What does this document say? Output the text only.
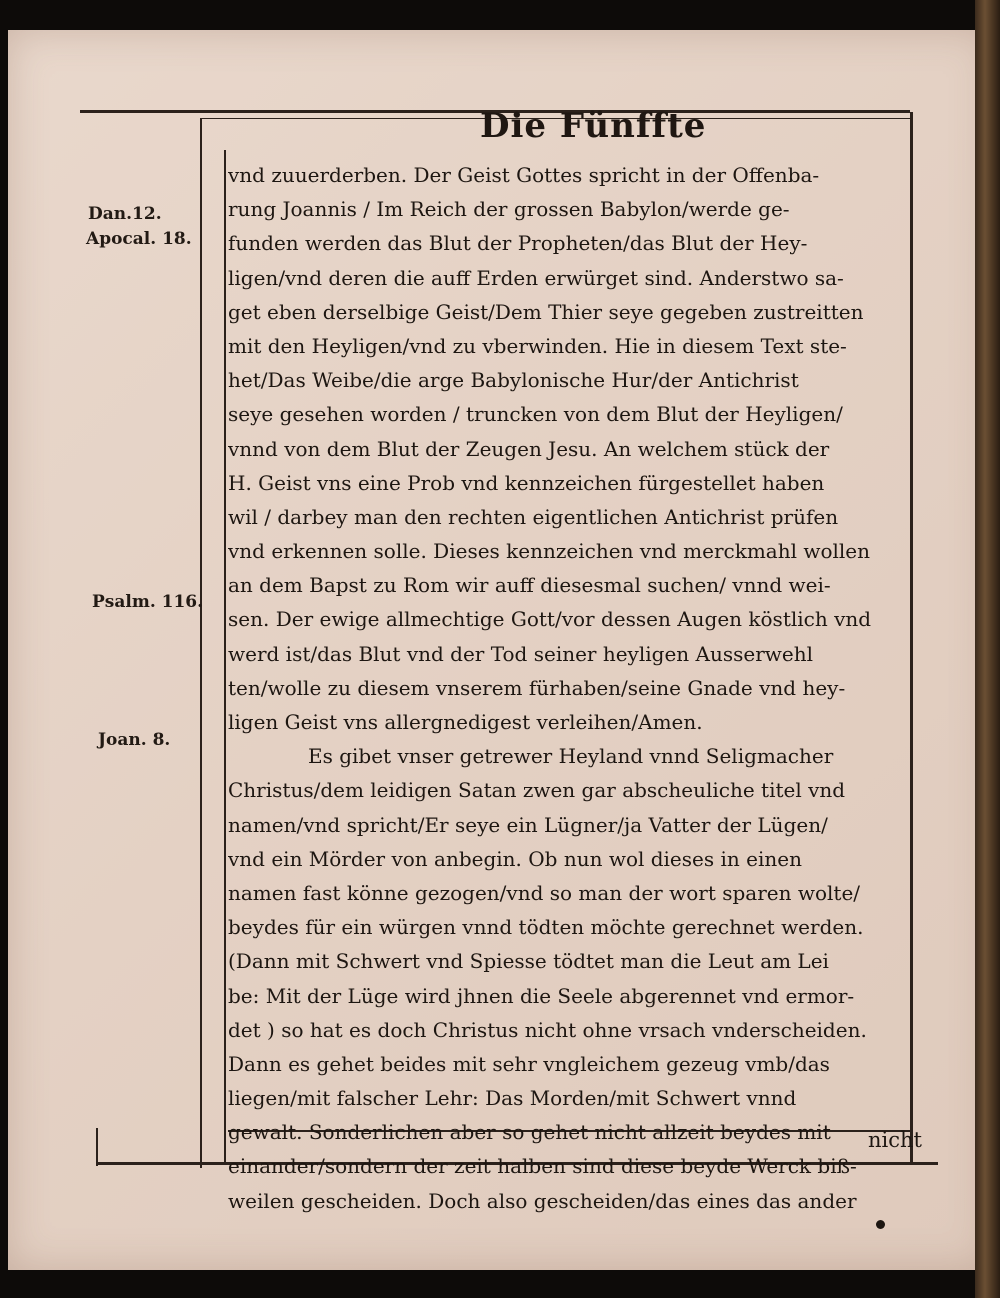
Die Fünffte
Dan.12.
Apocal. 18.
Psalm. 116.
Joan. 8.
vnd zuuerderben. Der Geist Gottes spricht in der Offenba-
rung Joannis / Im Reich der grossen Babylon/werde ge-
funden werden das Blut der Propheten/das Blut der Hey-
ligen/vnd deren die auff Erden erwürget sind. Anderstwo sa-
get eben derselbige Geist/Dem Thier seye gegeben zustreitten
mit den Heyligen/vnd zu vberwinden. Hie in diesem Text ste-
het/Das Weibe/die arge Babylonische Hur/der Antichrist
seye gesehen worden / truncken von dem Blut der Heyligen/
vnnd von dem Blut der Zeugen Jesu. An welchem stück der
H. Geist vns eine Prob vnd kennzeichen fürgestellet haben
wil / darbey man den rechten eigentlichen Antichrist prüfen
vnd erkennen solle. Dieses kennzeichen vnd merckmahl wollen
an dem Bapst zu Rom wir auff diesesmal suchen/ vnnd wei-
sen. Der ewige allmechtige Gott/vor dessen Augen köstlich vnd
werd ist/das Blut vnd der Tod seiner heyligen Ausserwehl
ten/wolle zu diesem vnserem fürhaben/seine Gnade vnd hey-
ligen Geist vns allergnedigest verleihen/Amen.
Es gibet vnser getrewer Heyland vnnd Seligmacher
Christus/dem leidigen Satan zwen gar abscheuliche titel vnd
namen/vnd spricht/Er seye ein Lügner/ja Vatter der Lügen/
vnd ein Mörder von anbegin. Ob nun wol dieses in einen
namen fast könne gezogen/vnd so man der wort sparen wolte/
beydes für ein würgen vnnd tödten möchte gerechnet werden.
(Dann mit Schwert vnd Spiesse tödtet man die Leut am Lei
be: Mit der Lüge wird jhnen die Seele abgerennet vnd ermor-
det ) so hat es doch Christus nicht ohne vrsach vnderscheiden.
Dann es gehet beides mit sehr vngleichem gezeug vmb/das
liegen/mit falscher Lehr: Das Morden/mit Schwert vnnd
gewalt. Sonderlichen aber so gehet nicht allzeit beydes mit
einander/sondern der zeit halben sind diese beyde Werck biß-
weilen gescheiden. Doch also gescheiden/das eines das ander
nicht
